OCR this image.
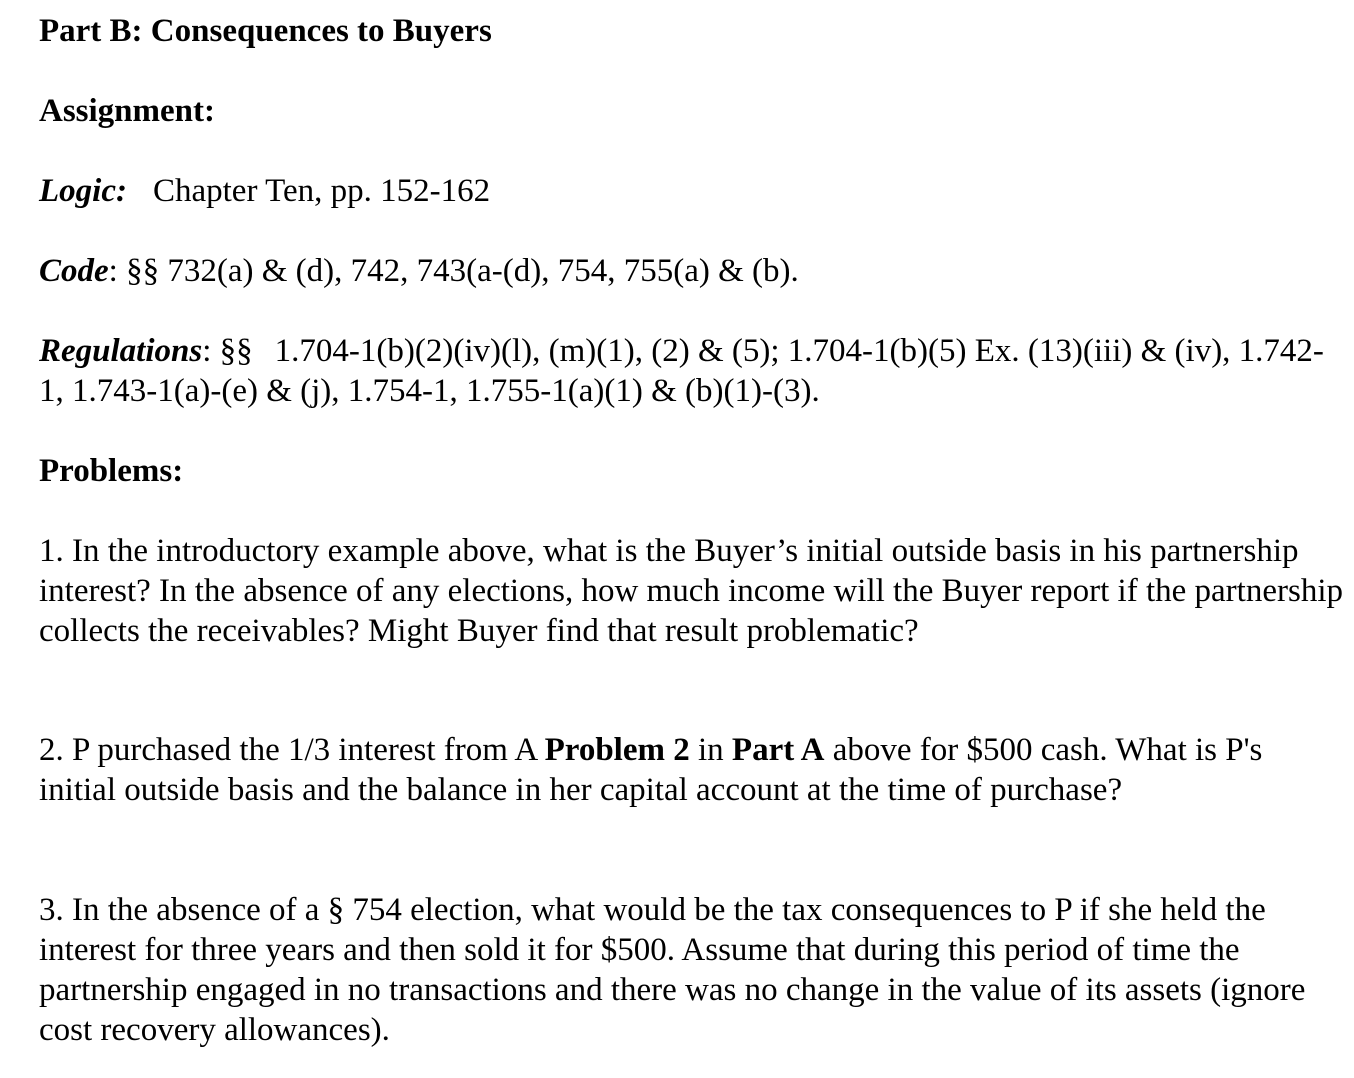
Part B: Consequences to Buyers

Assignment:

Logic: Chapter Ten, pp. 152-162

Code: §§ 732(a) & (d), 742, 743(a-(d), 754, 755(a) & (b).

Regulations: §§ 1.704-1(b)(2)(iv)(l), (m)(1), (2) & (5); 1.704-1(b)(5) Ex. (13)(iii) & (iv), 1.742-1, 1.743-1(a)-(e) & (j), 1.754-1, 1.755-1(a)(1) & (b)(1)-(3).

Problems:

1. In the introductory example above, what is the Buyer’s initial outside basis in his partnership interest? In the absence of any elections, how much income will the Buyer report if the partnership collects the receivables? Might Buyer find that result problematic?

2. P purchased the 1/3 interest from A Problem 2 in Part A above for $500 cash. What is P's initial outside basis and the balance in her capital account at the time of purchase?

3. In the absence of a § 754 election, what would be the tax consequences to P if she held the interest for three years and then sold it for $500. Assume that during this period of time the partnership engaged in no transactions and there was no change in the value of its assets (ignore cost recovery allowances).
